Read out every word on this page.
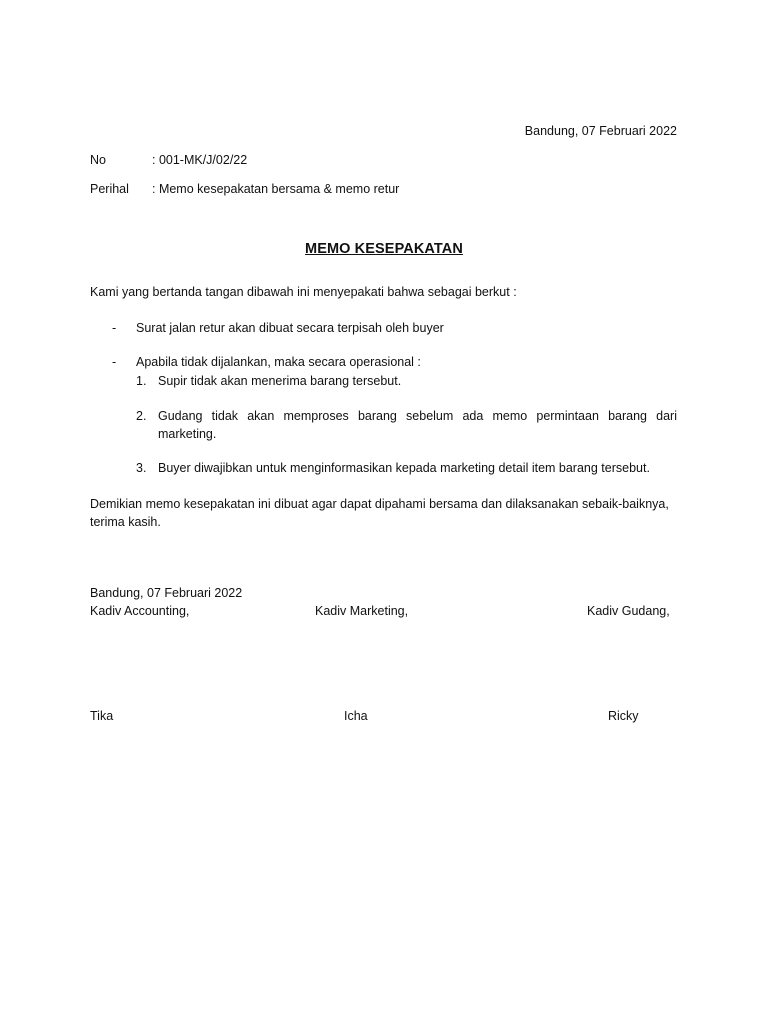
Bandung, 07 Februari 2022
No	: 001-MK/J/02/22
Perihal : Memo kesepakatan bersama & memo retur
MEMO KESEPAKATAN
Kami yang bertanda tangan dibawah ini menyepakati bahwa sebagai berkut :
- Surat jalan retur akan dibuat secara terpisah oleh buyer
- Apabila tidak dijalankan, maka secara operasional :
1. Supir tidak akan menerima barang tersebut.
2. Gudang tidak akan memproses barang sebelum ada memo permintaan barang dari
marketing.
3. Buyer diwajibkan untuk menginformasikan kepada marketing detail item barang tersebut.
Demikian memo kesepakatan ini dibuat agar dapat dipahami bersama dan dilaksanakan sebaik-baiknya,
terima kasih.
Bandung, 07 Februari 2022
Kadiv Accounting,	Kadiv Marketing,	Kadiv Gudang,
Tika	Icha	Ricky
